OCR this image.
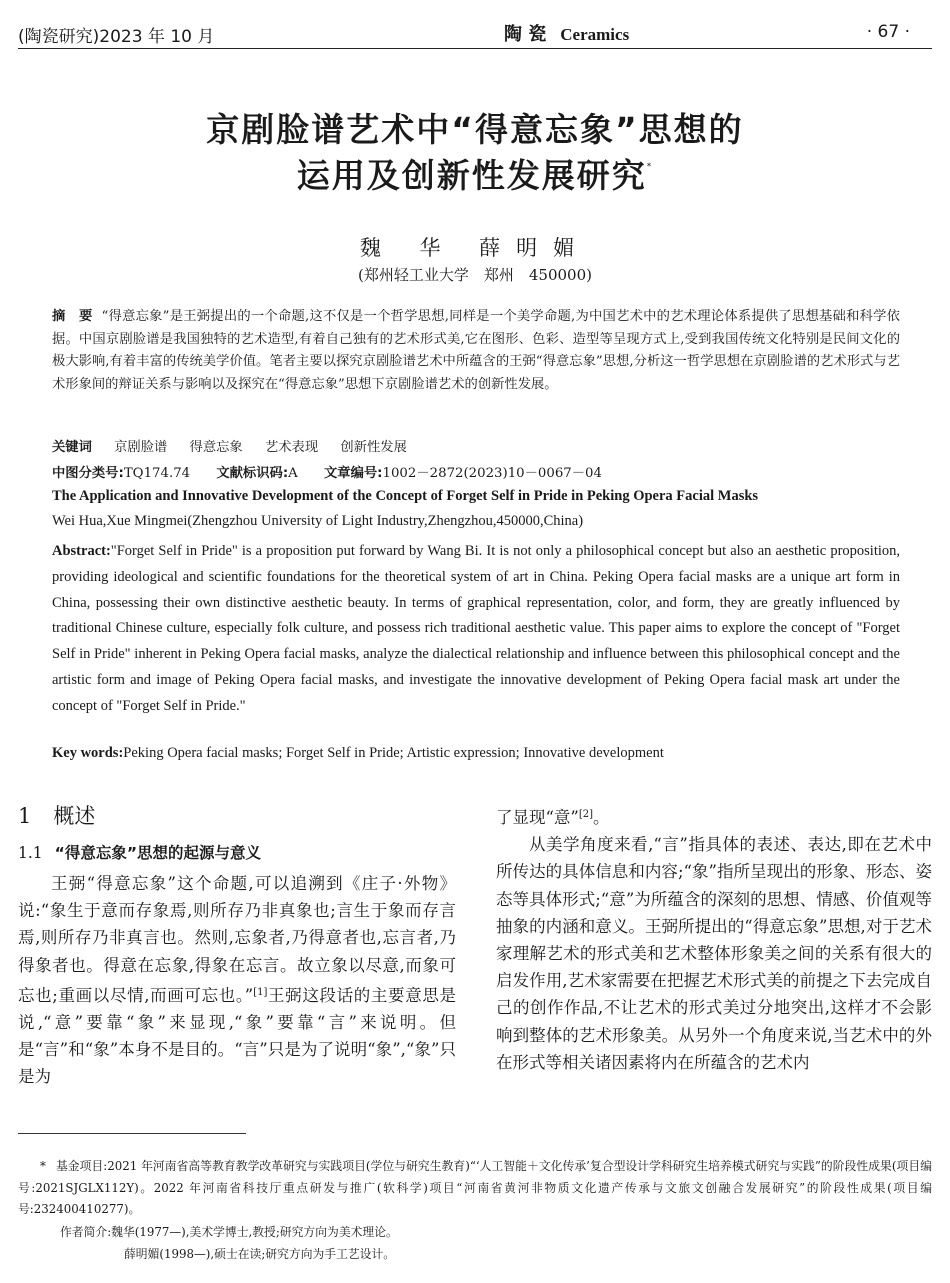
(陶瓷研究)2023 年 10 月	陶 瓷 Ceramics	· 67 ·
京剧脸谱艺术中“得意忘象”思想的
运用及创新性发展研究*
魏 华 薛明媚
(郑州轻工业大学　郑州　450000)
摘　要 “得意忘象”是王弼提出的一个命题,这不仅是一个哲学思想,同样是一个美学命题,为中国艺术中的艺术理论体系提供了思想基础和科学依据。中国京剧脸谱是我国独特的艺术造型,有着自己独有的艺术形式美,它在图形、色彩、造型等呈现方式上,受到我国传统文化特别是民间文化的极大影响,有着丰富的传统美学价值。笔者主要以探究京剧脸谱艺术中所蕴含的王弼“得意忘象”思想,分析这一哲学思想在京剧脸谱的艺术形式与艺术形象间的辩证关系与影响以及探究在“得意忘象”思想下京剧脸谱艺术的创新性发展。
关键词 京剧脸谱 得意忘象 艺术表现 创新性发展
中图分类号:TQ174.74 文献标识码:A 文章编号:1002－2872(2023)10－0067－04
The Application and Innovative Development of the Concept of Forget Self in Pride in Peking Opera Facial Masks
Wei Hua,Xue Mingmei(Zhengzhou University of Light Industry,Zhengzhou,450000,China)
Abstract:"Forget Self in Pride" is a proposition put forward by Wang Bi. It is not only a philosophical concept but also an aesthetic proposition, providing ideological and scientific foundations for the theoretical system of art in China. Peking Opera facial masks are a unique art form in China, possessing their own distinctive aesthetic beauty. In terms of graphical representation, color, and form, they are greatly influenced by traditional Chinese culture, especially folk culture, and possess rich traditional aesthetic value. This paper aims to explore the concept of "Forget Self in Pride" inherent in Peking Opera facial masks, analyze the dialectical relationship and influence between this philosophical concept and the artistic form and image of Peking Opera facial masks, and investigate the innovative development of Peking Opera facial mask art under the concept of "Forget Self in Pride."
Key words:Peking Opera facial masks; Forget Self in Pride; Artistic expression; Innovative development
1 概述
1.1 “得意忘象”思想的起源与意义

王弼“得意忘象”这个命题,可以追溯到《庄子·外物》说:“象生于意而存象焉,则所存乃非真象也;言生于象而存言焉,则所存乃非真言也。然则,忘象者,乃得意者也,忘言者,乃得象者也。得意在忘象,得象在忘言。故立象以尽意,而象可忘也;重画以尽情,而画可忘也。”[1]王弼这段话的主要意思是说,“意”要靠“象”来显现,“象”要靠“言”来说明。但是“言”和“象”本身不是目的。“言”只是为了说明“象”,“象”只是为

了显现“意”[2]。

从美学角度来看,“言”指具体的表述、表达,即在艺术中所传达的具体信息和内容;“象”指所呈现出的形象、形态、姿态等具体形式;“意”为所蕴含的深刻的思想、情感、价值观等抽象的内涵和意义。王弼所提出的“得意忘象”思想,对于艺术家理解艺术的形式美和艺术整体形象美之间的关系有很大的启发作用,艺术家需要在把握艺术形式美的前提之下去完成自己的创作作品,不让艺术的形式美过分地突出,这样才不会影响到整体的艺术形象美。从另外一个角度来说,当艺术中的外在形式等相关诸因素将内在所蕴含的艺术内

* 基金项目:2021 年河南省高等教育教学改革研究与实践项目(学位与研究生教育)“‘人工智能＋文化传承’复合型设计学科研究生培养模式研究与实践”的阶段性成果(项目编号:2021SJGLX112Y)。2022 年河南省科技厅重点研发与推广(软科学)项目“河南省黄河非物质文化遗产传承与文旅文创融合发展研究”的阶段性成果(项目编号:232400410277)。
作者简介:魏华(1977—),美术学博士,教授;研究方向为美术理论。
薛明媚(1998—),硕士在读;研究方向为手工艺设计。
